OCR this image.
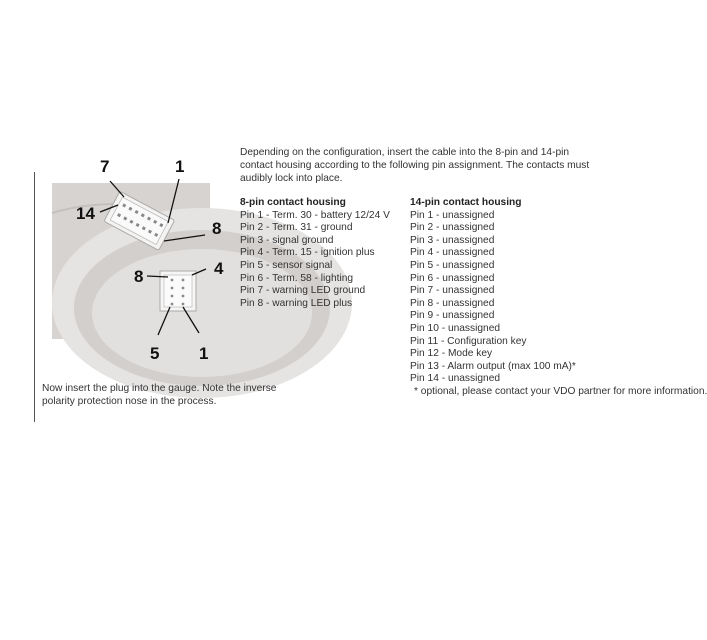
7	1
14
8
8	4
5 1
Now insert the plug into the gauge. Note the inverse polarity protection nose in the process.
Depending on the configuration, insert the cable into the 8-pin and 14-pin contact housing according to the following pin assignment. The contacts must audibly lock into place.
8-pin contact housing
Pin 1 - Term. 30 - battery 12/24 V
Pin 2 - Term. 31 - ground
Pin 3 - signal ground
Pin 4 - Term. 15 - ignition plus
Pin 5 - sensor signal
Pin 6 - Term. 58 - lighting
Pin 7 - warning LED ground
Pin 8 - warning LED plus
14-pin contact housing
Pin 1 - unassigned
Pin 2 - unassigned
Pin 3 - unassigned
Pin 4 - unassigned
Pin 5 - unassigned
Pin 6 - unassigned
Pin 7 - unassigned
Pin 8 - unassigned
Pin 9 - unassigned
Pin 10 - unassigned
Pin 11 - Configuration key
Pin 12 - Mode key
Pin 13 - Alarm output (max 100 mA)*
Pin 14 - unassigned
* optional, please contact your VDO partner for more information.
